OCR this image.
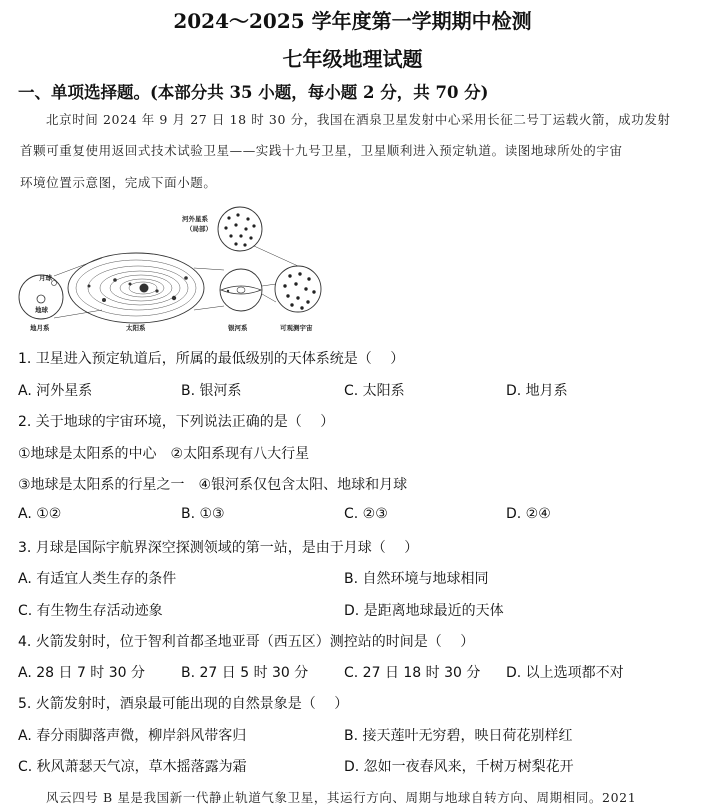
2024～2025 学年度第一学期期中检测
七年级地理试题
一、单项选择题。(本部分共 35 小题，每小题 2 分，共 70 分)
北京时间 2024 年 9 月 27 日 18 时 30 分，我国在酒泉卫星发射中心采用长征二号丁运载火箭，成功发射
首颗可重复使用返回式技术试验卫星——实践十九号卫星，卫星顺利进入预定轨道。读图地球所处的宇宙
环境位置示意图，完成下面小题。
月球
地球
地月系	太阳系	银河系	可观测宇宙
河外星系
（局部）
1. 卫星进入预定轨道后，所属的最低级别的天体系统是（　 ）
A. 河外星系	B. 银河系	C. 太阳系	D. 地月系
2. 关于地球的宇宙环境，下列说法正确的是（　 ）
①地球是太阳系的中心　②太阳系现有八大行星
③地球是太阳系的行星之一　④银河系仅包含太阳、地球和月球
A. ①②	B. ①③	C. ②③	D. ②④
3. 月球是国际宇航界深空探测领域的第一站，是由于月球（　 ）
A. 有适宜人类生存的条件	B. 自然环境与地球相同
C. 有生物生存活动迹象	D. 是距离地球最近的天体
4. 火箭发射时，位于智利首都圣地亚哥（西五区）测控站的时间是（　 ）
A. 28 日 7 时 30 分	B. 27 日 5 时 30 分	C. 27 日 18 时 30 分 D. 以上选项都不对
5. 火箭发射时，酒泉最可能出现的自然景象是（　 ）
A. 春分雨脚落声微，柳岸斜风带客归	B. 接天莲叶无穷碧，映日荷花别样红
C. 秋风萧瑟天气凉，草木摇落露为霜	D. 忽如一夜春风来，千树万树梨花开
风云四号 B 星是我国新一代静止轨道气象卫星，其运行方向、周期与地球自转方向、周期相同。2021
